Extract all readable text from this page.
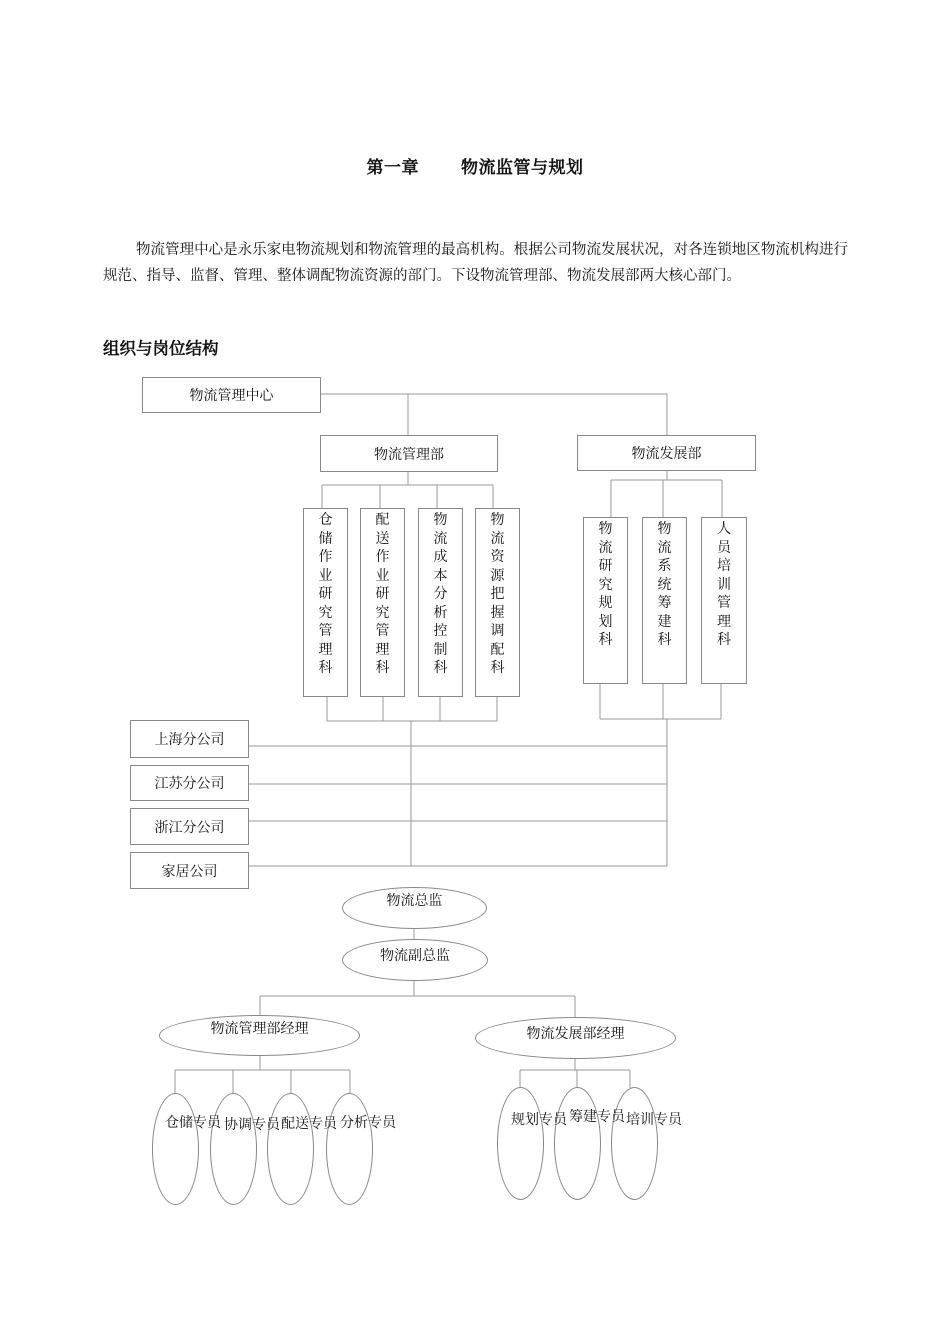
第一章 物流监管与规划

物流管理中心是永乐家电物流规划和物流管理的最高机构。根据公司物流发展状况，对各连锁地区物流机构进行规范、指导、监督、管理、整体调配物流资源的部门。下设物流管理部、物流发展部两大核心部门。

组织与岗位结构
物流管理中心
物流管理部	物流发展部
仓储作业研究管理科
配送作业研究管理科
物流成本分析控制科
物流资源把握调配科
物流研究规划科
物流系统筹建科
人员培训管理科
上海分公司
江苏分公司
浙江分公司
家居公司
物流总监
物流副总监
物流管理部经理	物流发展部经理
仓储专员 协调专员 配送专员 分析专员	规划专员 筹建专员 培训专员
